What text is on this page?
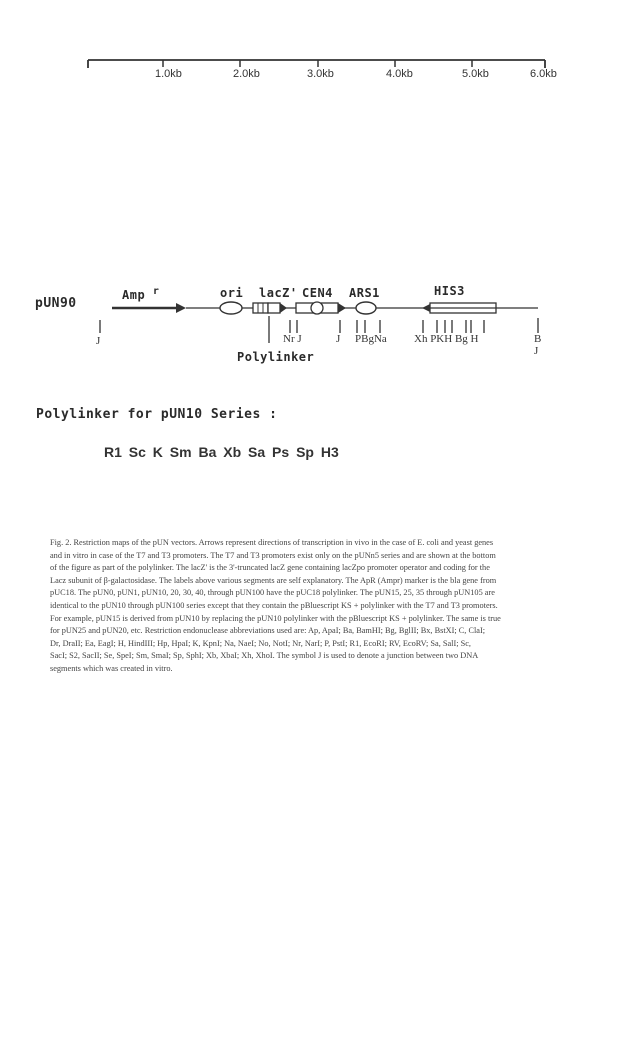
1.0kb	2.0kb	3.0kb	4.0kb	5.0kb	6.0kb
pUN90
Amp $^r$	ori lacZ' CEN4 ARS1	HIS3
J	Nr J	J PBgNa Xh PKH Bg H	B
J
Polylinker
Polylinker for pUN10 Series :
R1 Sc K Sm Ba Xb Sa Ps Sp H3
Fig. 2. Restriction maps of the pUN vectors. Arrows represent directions of transcription in vivo in the case of E. coli and yeast genes
and in vitro in case of the T7 and T3 promoters. The T7 and T3 promoters exist only on the pUNn5 series and are shown at the bottom
of the figure as part of the polylinker. The lacZ' is the 3'-truncated lacZ gene containing lacZpo promoter operator and coding for the
Lacz subunit of β-galactosidase. The labels above various segments are self explanatory. The ApR (Ampr) marker is the bla gene from
pUC18. The pUN0, pUN1, pUN10, 20, 30, 40, through pUN100 have the pUC18 polylinker. The pUN15, 25, 35 through pUN105 are
identical to the pUN10 through pUN100 series except that they contain the pBluescript KS + polylinker with the T7 and T3 promoters.
For example, pUN15 is derived from pUN10 by replacing the pUN10 polylinker with the pBluescript KS + polylinker. The same is true
for pUN25 and pUN20, etc. Restriction endonuclease abbreviations used are: Ap, ApaI; Ba, BamHI; Bg, BglII; Bx, BstXI; C, ClaI;
Dr, DraII; Ea, EagI; H, HindIII; Hp, HpaI; K, KpnI; Na, NaeI; No, NotI; Nr, NarI; P, PstI; R1, EcoRI; RV, EcoRV; Sa, SalI; Sc,
SacI; S2, SacII; Se, SpeI; Sm, SmaI; Sp, SphI; Xb, XbaI; Xh, XhoI. The symbol J is used to denote a junction between two DNA
segments which was created in vitro.
